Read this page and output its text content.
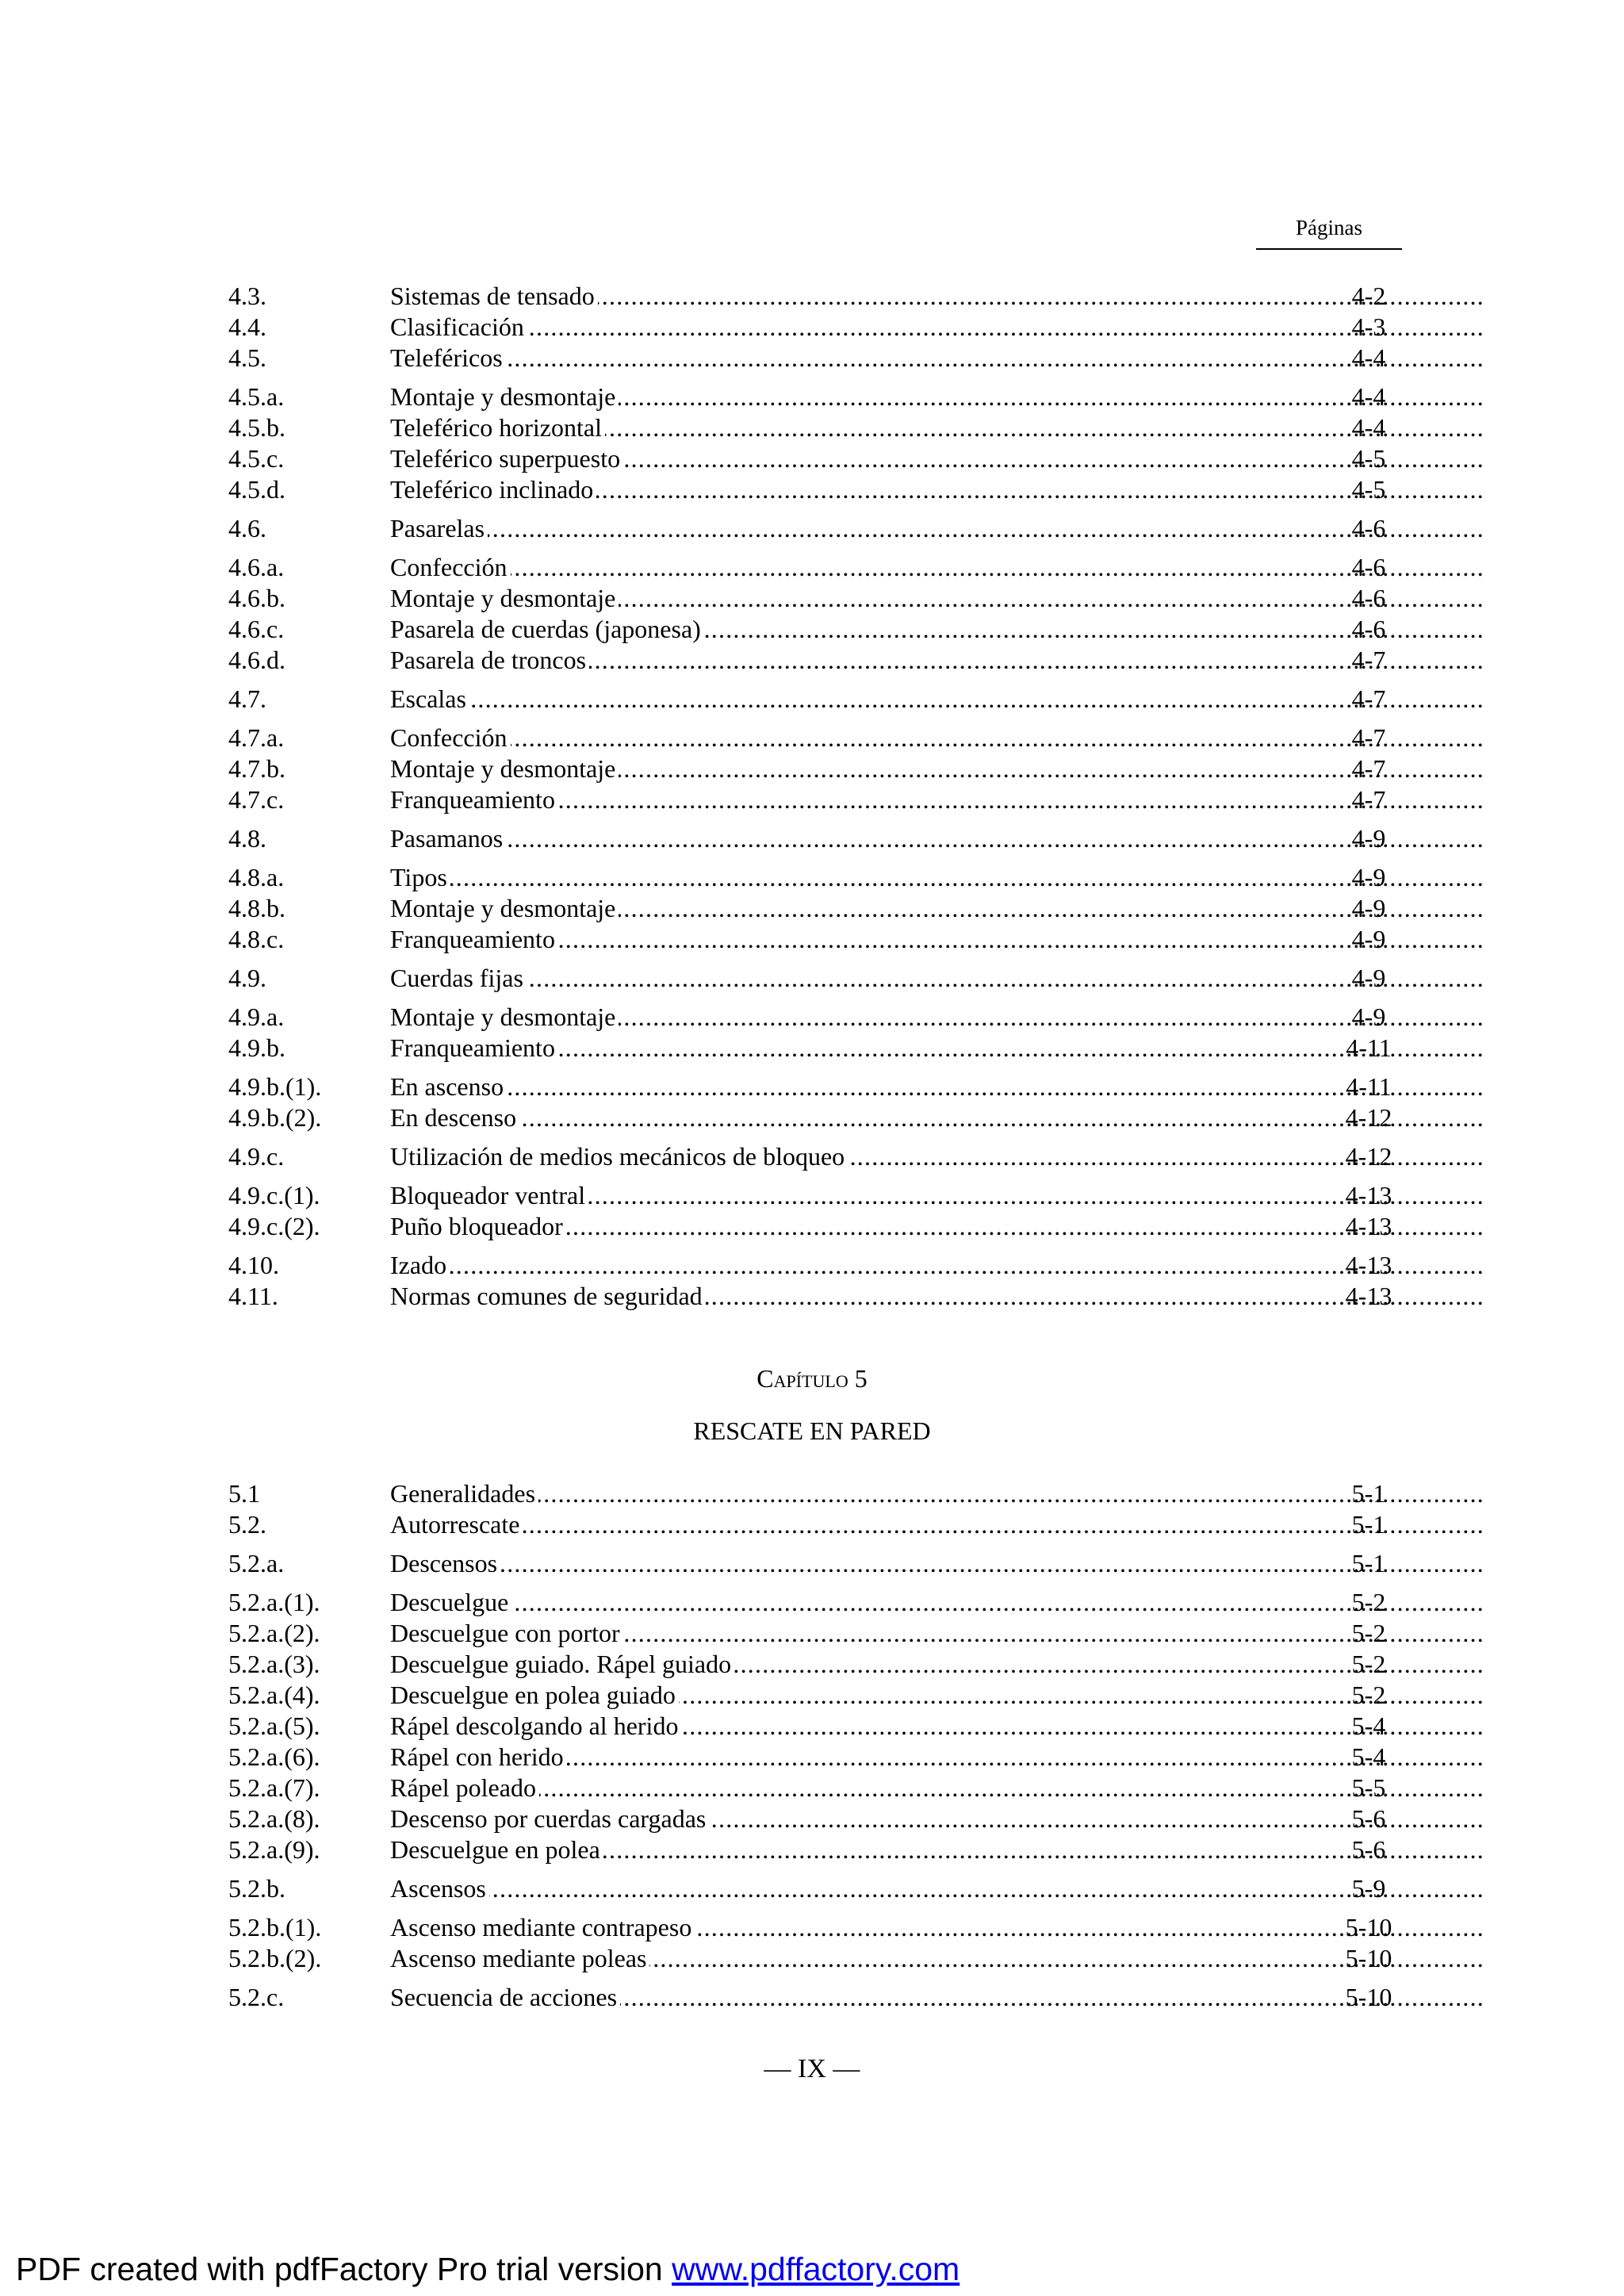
Páginas
4.3.	Sistemas de tensado .....	4-2
4.4.	Clasificación .....	4-3
4.5.	Teleféricos .....	4-4
4.5.a.	Montaje y desmontaje .....	4-4
4.5.b.	Teleférico horizontal .....	4-4
4.5.c.	Teleférico superpuesto .....	4-5
4.5.d.	Teleférico inclinado .....	4-5
4.6.	Pasarelas .....	4-6
4.6.a.	Confección .....	4-6
4.6.b.	Montaje y desmontaje .....	4-6
4.6.c.	Pasarela de cuerdas (japonesa) .....	4-6
4.6.d.	Pasarela de troncos .....	4-7
4.7.	Escalas .....	4-7
4.7.a.	Confección .....	4-7
4.7.b.	Montaje y desmontaje .....	4-7
4.7.c.	Franqueamiento .....	4-7
4.8.	Pasamanos .....	4-9
4.8.a.	Tipos .....	4-9
4.8.b.	Montaje y desmontaje .....	4-9
4.8.c.	Franqueamiento .....	4-9
4.9.	Cuerdas fijas .....	4-9
4.9.a.	Montaje y desmontaje .....	4-9
4.9.b.	Franqueamiento .....	4-11
4.9.b.(1).	En ascenso .....	4-11
4.9.b.(2).	En descenso .....	4-12
4.9.c.	Utilización de medios mecánicos de bloqueo .....	4-12
4.9.c.(1).	Bloqueador ventral .....	4-13
4.9.c.(2).	Puño bloqueador .....	4-13
4.10.	Izado .....	4-13
4.11.	Normas comunes de seguridad .....	4-13
Capítulo 5
RESCATE EN PARED
5.1	Generalidades .....	5-1
5.2.	Autorrescate .....	5-1
5.2.a.	Descensos .....	5-1
5.2.a.(1).	Descuelgue .....	5-2
5.2.a.(2).	Descuelgue con portor .....	5-2
5.2.a.(3).	Descuelgue guiado. Rápel guiado .....	5-2
5.2.a.(4).	Descuelgue en polea guiado .....	5-2
5.2.a.(5).	Rápel descolgando al herido .....	5-4
5.2.a.(6).	Rápel con herido .....	5-4
5.2.a.(7).	Rápel poleado .....	5-5
5.2.a.(8).	Descenso por cuerdas cargadas .....	5-6
5.2.a.(9).	Descuelgue en polea .....	5-6
5.2.b.	Ascensos .....	5-9
5.2.b.(1).	Ascenso mediante contrapeso .....	5-10
5.2.b.(2).	Ascenso mediante poleas .....	5-10
5.2.c.	Secuencia de acciones .....	5-10
— IX —
PDF created with pdfFactory Pro trial version www.pdffactory.com
